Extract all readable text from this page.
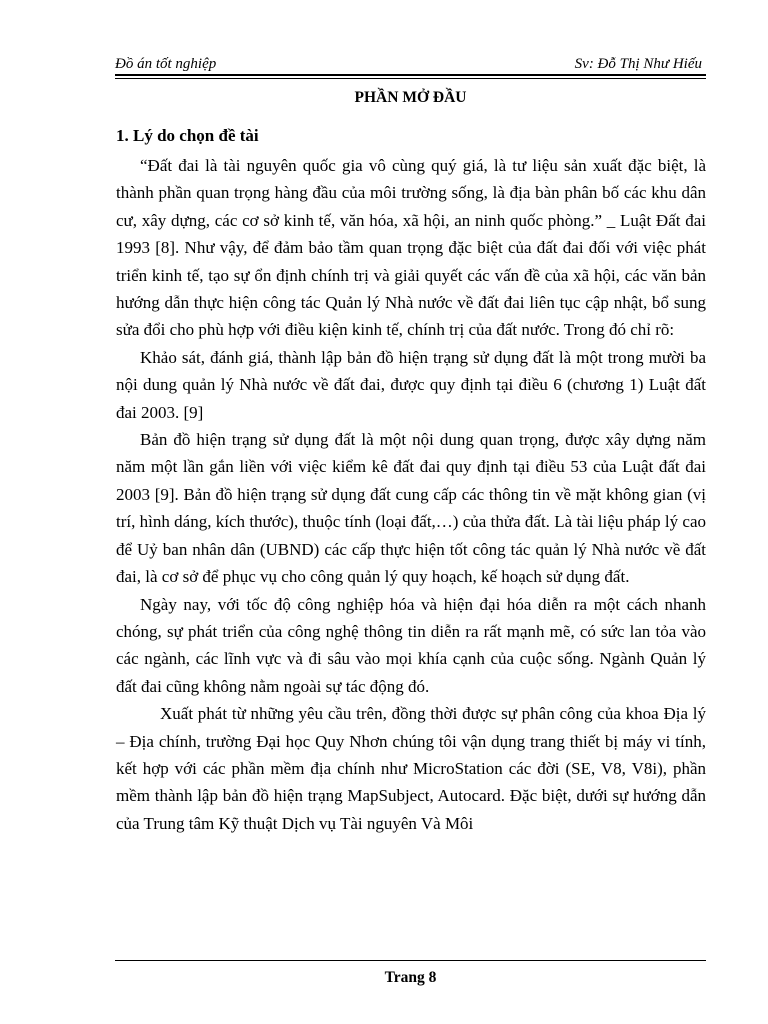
Đồ án tốt nghiệp	Sv: Đỗ Thị Như Hiếu
PHẦN MỞ ĐẦU
1. Lý do chọn đề tài

“Đất đai là tài nguyên quốc gia vô cùng quý giá, là tư liệu sản xuất đặc biệt, là thành phần quan trọng hàng đầu của môi trường sống, là địa bàn phân bố các khu dân cư, xây dựng, các cơ sở kinh tế, văn hóa, xã hội, an ninh quốc phòng.” _ Luật Đất đai 1993 [8]. Như vậy, để đảm bảo tầm quan trọng đặc biệt của đất đai đối với việc phát triển kinh tế, tạo sự ổn định chính trị và giải quyết các vấn đề của xã hội, các văn bản hướng dẫn thực hiện công tác Quản lý Nhà nước về đất đai liên tục cập nhật, bổ sung sửa đổi cho phù hợp với điều kiện kinh tế, chính trị của đất nước. Trong đó chỉ rõ:

Khảo sát, đánh giá, thành lập bản đồ hiện trạng sử dụng đất là một trong mười ba nội dung quản lý Nhà nước về đất đai, được quy định tại điều 6 (chương 1) Luật đất đai 2003. [9]

Bản đồ hiện trạng sử dụng đất là một nội dung quan trọng, được xây dựng năm năm một lần gắn liền với việc kiểm kê đất đai quy định tại điều 53 của Luật đất đai 2003 [9]. Bản đồ hiện trạng sử dụng đất cung cấp các thông tin về mặt không gian (vị trí, hình dáng, kích thước), thuộc tính (loại đất,…) của thửa đất. Là tài liệu pháp lý cao để Uỷ ban nhân dân (UBND) các cấp thực hiện tốt công tác quản lý Nhà nước về đất đai, là cơ sở để phục vụ cho công quản lý quy hoạch, kế hoạch sử dụng đất.

Ngày nay, với tốc độ công nghiệp hóa và hiện đại hóa diễn ra một cách nhanh chóng, sự phát triển của công nghệ thông tin diễn ra rất mạnh mẽ, có sức lan tỏa vào các ngành, các lĩnh vực và đi sâu vào mọi khía cạnh của cuộc sống. Ngành Quản lý đất đai cũng không nằm ngoài sự tác động đó.

Xuất phát từ những yêu cầu trên, đồng thời được sự phân công của khoa Địa lý – Địa chính, trường Đại học Quy Nhơn chúng tôi vận dụng trang thiết bị máy vi tính, kết hợp với các phần mềm địa chính như MicroStation các đời (SE, V8, V8i), phần mềm thành lập bản đồ hiện trạng MapSubject, Autocard. Đặc biệt, dưới sự hướng dẫn của Trung tâm Kỹ thuật Dịch vụ Tài nguyên Và Môi

Trang 8
